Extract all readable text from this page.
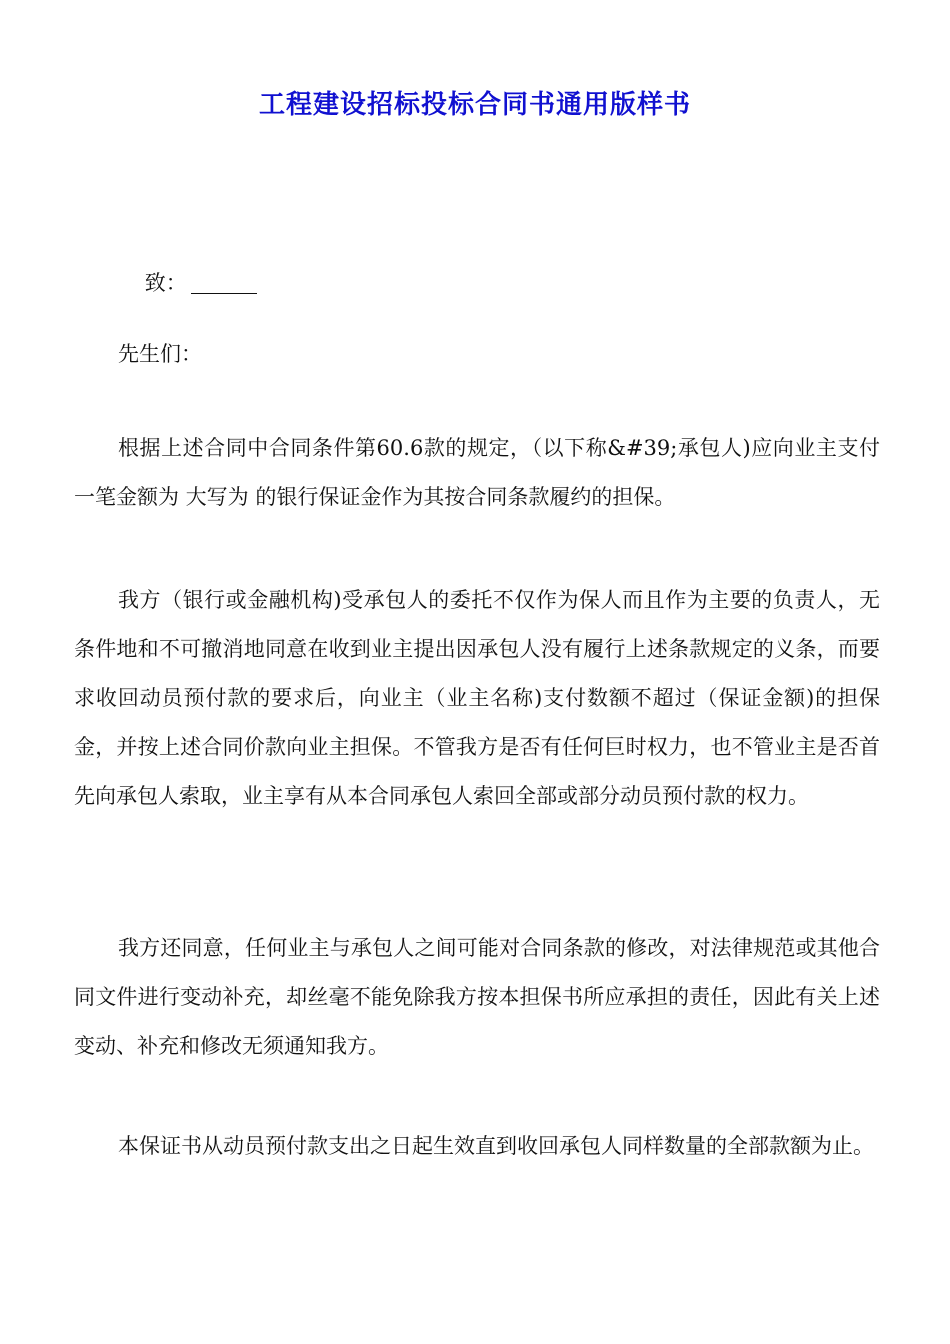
工程建设招标投标合同书通用版样书

致：

先生们：
根据上述合同中合同条件第60.6款的规定，（以下称&#39;承包人)应向业主支付一笔金额为 大写为 的银行保证金作为其按合同条款履约的担保。
我方（银行或金融机构)受承包人的委托不仅作为保人而且作为主要的负责人，无条件地和不可撤消地同意在收到业主提出因承包人没有履行上述条款规定的义条，而要求收回动员预付款的要求后，向业主（业主名称)支付数额不超过（保证金额)的担保金，并按上述合同价款向业主担保。不管我方是否有任何巨时权力，也不管业主是否首先向承包人索取，业主享有从本合同承包人索回全部或部分动员预付款的权力。
我方还同意，任何业主与承包人之间可能对合同条款的修改，对法律规范或其他合同文件进行变动补充，却丝毫不能免除我方按本担保书所应承担的责任，因此有关上述变动、补充和修改无须通知我方。
本保证书从动员预付款支出之日起生效直到收回承包人同样数量的全部款额为止。
